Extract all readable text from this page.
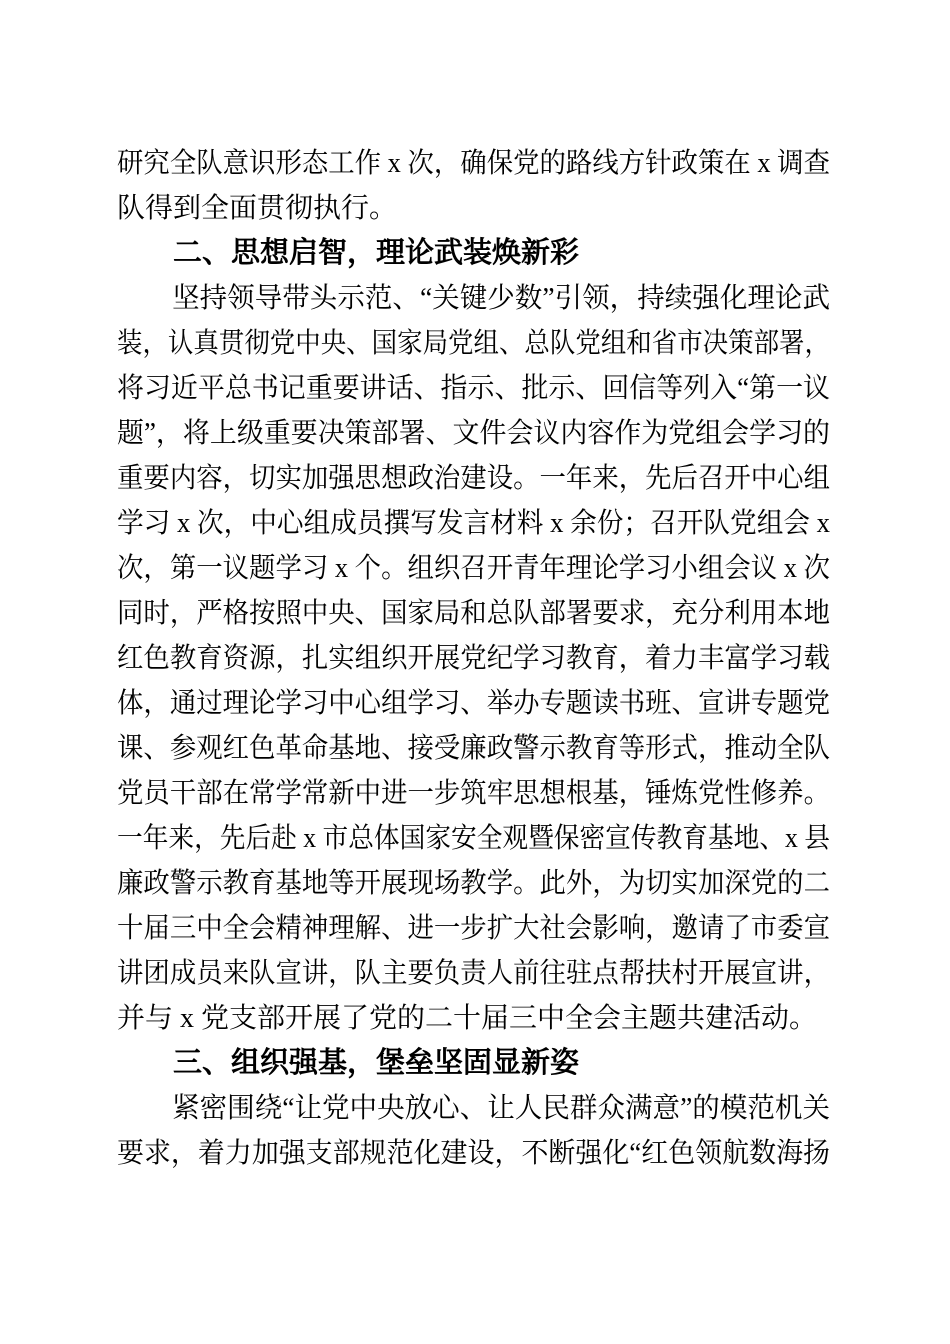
研究全队意识形态工作 x 次，确保党的路线方针政策在 x 调查
队得到全面贯彻执行。
二、思想启智，理论武装焕新彩
坚持领导带头示范、“关键少数”引领，持续强化理论武
装，认真贯彻党中央、国家局党组、总队党组和省市决策部署，
将习近平总书记重要讲话、指示、批示、回信等列入“第一议
题”，将上级重要决策部署、文件会议内容作为党组会学习的
重要内容，切实加强思想政治建设。一年来，先后召开中心组
学习 x 次，中心组成员撰写发言材料 x 余份；召开队党组会 x
次，第一议题学习 x 个。组织召开青年理论学习小组会议 x 次
同时，严格按照中央、国家局和总队部署要求，充分利用本地
红色教育资源，扎实组织开展党纪学习教育，着力丰富学习载
体，通过理论学习中心组学习、举办专题读书班、宣讲专题党
课、参观红色革命基地、接受廉政警示教育等形式，推动全队
党员干部在常学常新中进一步筑牢思想根基，锤炼党性修养。
一年来，先后赴 x 市总体国家安全观暨保密宣传教育基地、x 县
廉政警示教育基地等开展现场教学。此外，为切实加深党的二
十届三中全会精神理解、进一步扩大社会影响，邀请了市委宣
讲团成员来队宣讲，队主要负责人前往驻点帮扶村开展宣讲，
并与 x 党支部开展了党的二十届三中全会主题共建活动。
三、组织强基，堡垒坚固显新姿
紧密围绕“让党中央放心、让人民群众满意”的模范机关
要求，着力加强支部规范化建设，不断强化“红色领航数海扬
